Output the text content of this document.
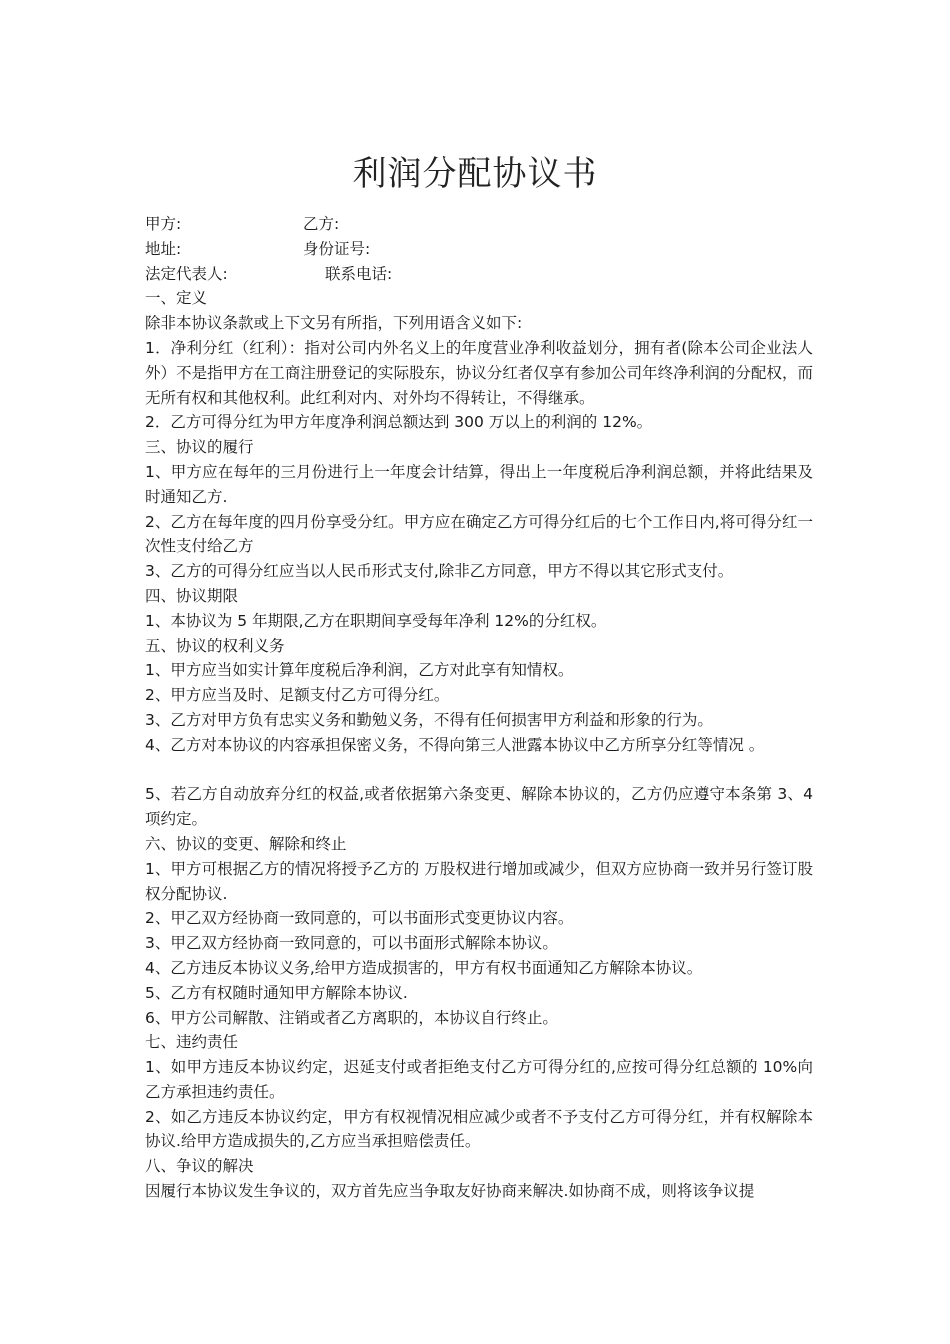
利润分配协议书
甲方:	乙方:
地址:	身份证号:
法定代表人:	联系电话:

一、定义

除非本协议条款或上下文另有所指，下列用语含义如下:

1．净利分红（红利）：指对公司内外名义上的年度营业净利收益划分，拥有者(除本公司企业法人外）不是指甲方在工商注册登记的实际股东，协议分红者仅享有参加公司年终净利润的分配权，而无所有权和其他权利。此红利对内、对外均不得转让，不得继承。

2．乙方可得分红为甲方年度净利润总额达到 300 万以上的利润的 12%。

三、协议的履行

1、甲方应在每年的三月份进行上一年度会计结算，得出上一年度税后净利润总额，并将此结果及时通知乙方.

2、乙方在每年度的四月份享受分红。甲方应在确定乙方可得分红后的七个工作日内,将可得分红一次性支付给乙方

3、乙方的可得分红应当以人民币形式支付,除非乙方同意，甲方不得以其它形式支付。

四、协议期限

1、本协议为 5 年期限,乙方在职期间享受每年净利 12%的分红权。

五、协议的权利义务

1、甲方应当如实计算年度税后净利润，乙方对此享有知情权。

2、甲方应当及时、足额支付乙方可得分红。

3、乙方对甲方负有忠实义务和勤勉义务，不得有任何损害甲方利益和形象的行为。

4、乙方对本协议的内容承担保密义务，不得向第三人泄露本协议中乙方所享分红等情况 。

5、若乙方自动放弃分红的权益,或者依据第六条变更、解除本协议的，乙方仍应遵守本条第 3、4 项约定。

六、协议的变更、解除和终止

1、甲方可根据乙方的情况将授予乙方的 万股权进行增加或减少，但双方应协商一致并另行签订股权分配协议.

2、甲乙双方经协商一致同意的，可以书面形式变更协议内容。

3、甲乙双方经协商一致同意的，可以书面形式解除本协议。

4、乙方违反本协议义务,给甲方造成损害的，甲方有权书面通知乙方解除本协议。

5、乙方有权随时通知甲方解除本协议.

6、甲方公司解散、注销或者乙方离职的，本协议自行终止。

七、违约责任

1、如甲方违反本协议约定，迟延支付或者拒绝支付乙方可得分红的,应按可得分红总额的 10%向乙方承担违约责任。

2、如乙方违反本协议约定，甲方有权视情况相应减少或者不予支付乙方可得分红，并有权解除本协议.给甲方造成损失的,乙方应当承担赔偿责任。

八、争议的解决

因履行本协议发生争议的，双方首先应当争取友好协商来解决.如协商不成，则将该争议提
